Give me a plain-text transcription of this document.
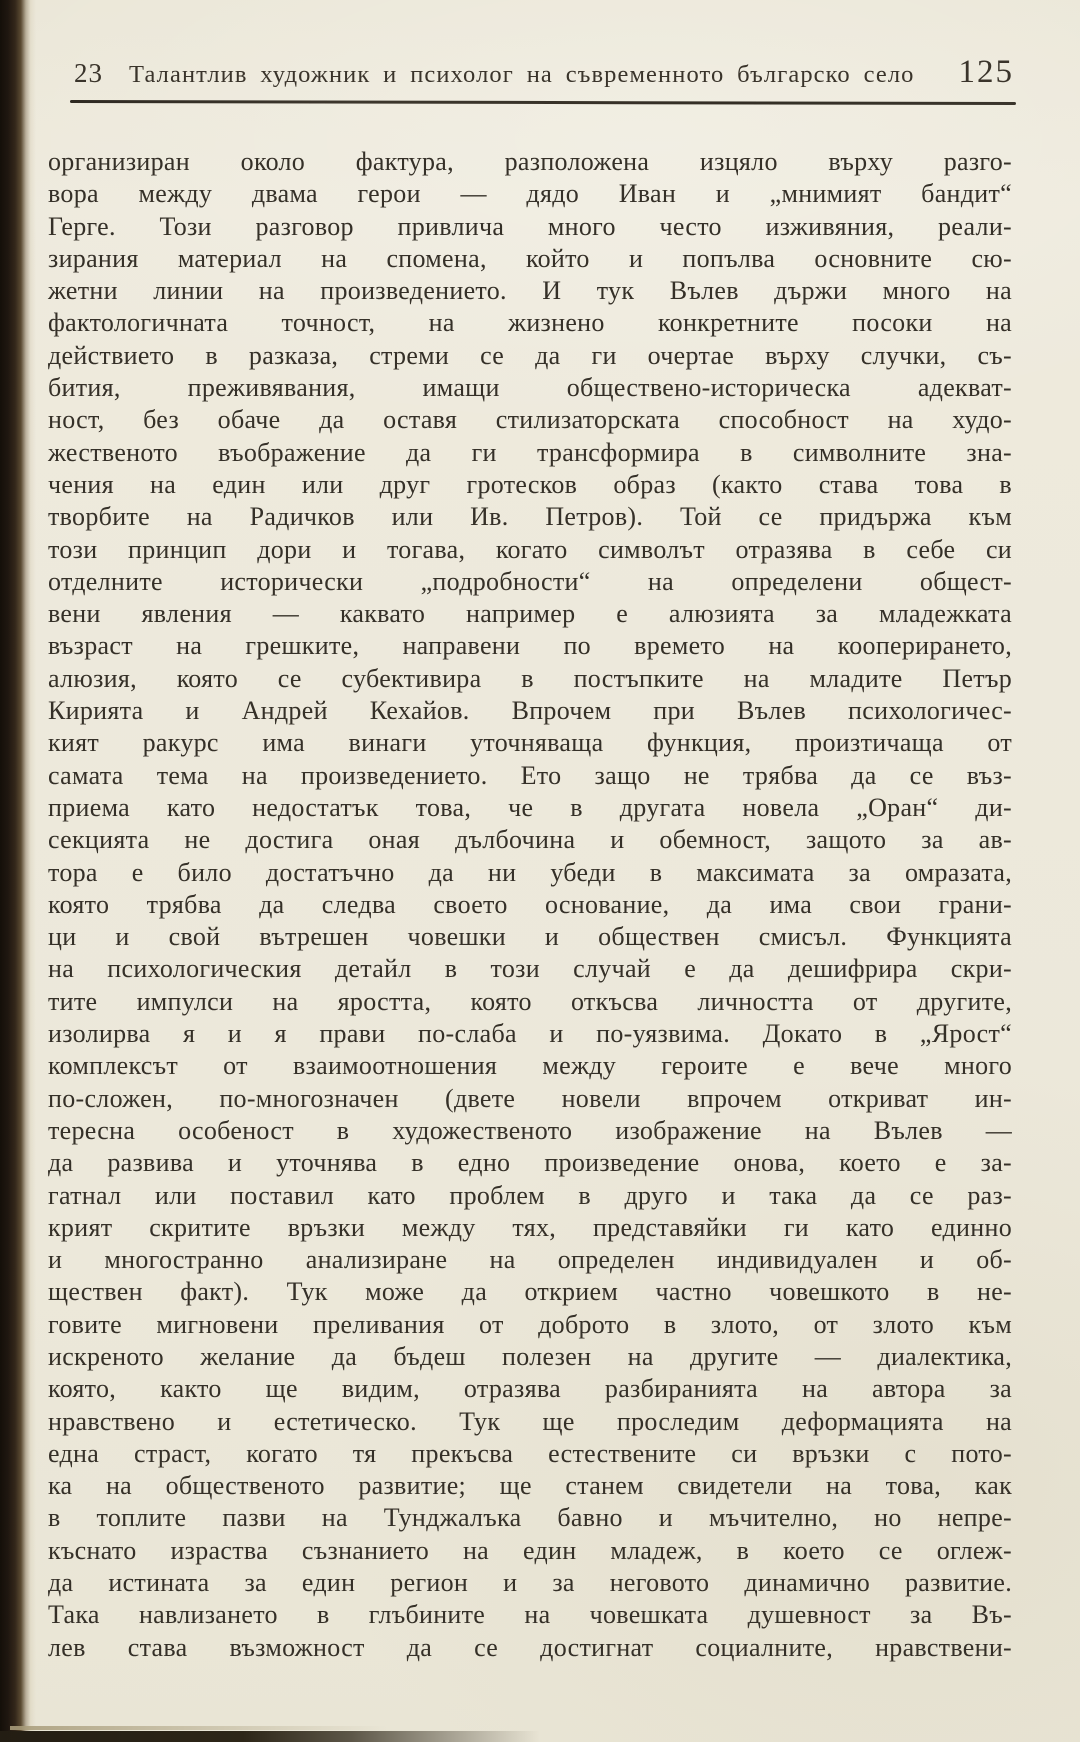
23 Талантлив художник и психолог на съвременното българско село 125
организиран около фактура, разположена изцяло върху разго-
вора между двама герои — дядо Иван и „мнимият бандит“
Герге. Този разговор привлича много често изживяния, реали-
зирания материал на спомена, който и попълва основните сю-
жетни линии на произведението. И тук Вълев държи много на
фактологичната точност, на жизнено конкретните посоки на
действието в разказа, стреми се да ги очертае върху случки, съ-
бития, преживявания, имащи обществено-историческа адекват-
ност, без обаче да оставя стилизаторската способност на худо-
жественото въображение да ги трансформира в символните зна-
чения на един или друг гротесков образ (както става това в
творбите на Радичков или Ив. Петров). Той се придържа към
този принцип дори и тогава, когато символът отразява в себе си
отделните исторически „подробности“ на определени общест-
вени явления — каквато например е алюзията за младежката
възраст на грешките, направени по времето на кооперирането,
алюзия, която се субективира в постъпките на младите Петър
Кирията и Андрей Кехайов. Впрочем при Вълев психологичес-
кият ракурс има винаги уточняваща функция, произтичаща от
самата тема на произведението. Ето защо не трябва да се въз-
приема като недостатък това, че в другата новела „Оран“ ди-
секцията не достига оная дълбочина и обемност, защото за ав-
тора е било достатъчно да ни убеди в максимата за омразата,
която трябва да следва своето основание, да има свои грани-
ци и свой вътрешен човешки и обществен смисъл. Функцията
на психологическия детайл в този случай е да дешифрира скри-
тите импулси на яростта, която откъсва личността от другите,
изолирва я и я прави по-слаба и по-уязвима. Докато в „Ярост“
комплексът от взаимоотношения между героите е вече много
по-сложен, по-многозначен (двете новели впрочем откриват ин-
тересна особеност в художественото изображение на Вълев —
да развива и уточнява в едно произведение онова, което е за-
гатнал или поставил като проблем в друго и така да се раз-
крият скритите връзки между тях, представяйки ги като единно
и многостранно анализиране на определен индивидуален и об-
ществен факт). Тук може да открием частно човешкото в не-
говите мигновени преливания от доброто в злото, от злото към
искреното желание да бъдеш полезен на другите — диалектика,
която, както ще видим, отразява разбиранията на автора за
нравствено и естетическо. Тук ще проследим деформацията на
една страст, когато тя прекъсва естествените си връзки с пото-
ка на общественото развитие; ще станем свидетели на това, как
в топлите пазви на Тунджалъка бавно и мъчително, но непре-
къснато израства съзнанието на един младеж, в което се оглеж-
да истината за един регион и за неговото динамично развитие.
Така навлизането в глъбините на човешката душевност за Въ-
лев става възможност да се достигнат социалните, нравствени-
